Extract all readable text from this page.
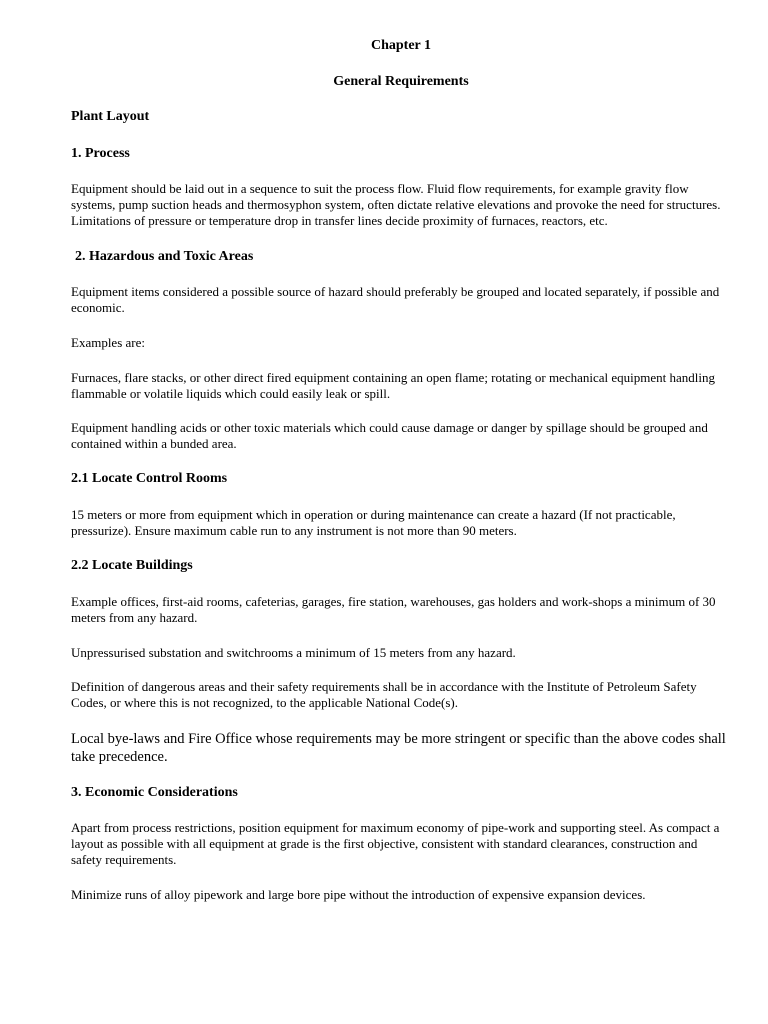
Chapter 1
General Requirements
Plant Layout
1. Process

Equipment should be laid out in a sequence to suit the process flow. Fluid flow requirements, for example gravity flow systems, pump suction heads and thermosyphon system, often dictate relative elevations and provoke the need for structures. Limitations of pressure or temperature drop in transfer lines decide proximity of furnaces, reactors, etc.

2. Hazardous and Toxic Areas

Equipment items considered a possible source of hazard should preferably be grouped and located separately, if possible and economic.

Examples are:

Furnaces, flare stacks, or other direct fired equipment containing an open flame; rotating or mechanical equipment handling flammable or volatile liquids which could easily leak or spill.

Equipment handling acids or other toxic materials which could cause damage or danger by spillage should be grouped and contained within a bunded area.

2.1 Locate Control Rooms

15 meters or more from equipment which in operation or during maintenance can create a hazard (If not practicable, pressurize). Ensure maximum cable run to any instrument is not more than 90 meters.

2.2 Locate Buildings

Example offices, first-aid rooms, cafeterias, garages, fire station, warehouses, gas holders and work-shops a minimum of 30 meters from any hazard.

Unpressurised substation and switchrooms a minimum of 15 meters from any hazard.

Definition of dangerous areas and their safety requirements shall be in accordance with the Institute of Petroleum Safety Codes, or where this is not recognized, to the applicable National Code(s).

Local bye-laws and Fire Office whose requirements may be more stringent or specific than the above codes shall take precedence.

3. Economic Considerations

Apart from process restrictions, position equipment for maximum economy of pipe-work and supporting steel. As compact a layout as possible with all equipment at grade is the first objective, consistent with standard clearances, construction and safety requirements.

Minimize runs of alloy pipework and large bore pipe without the introduction of expensive expansion devices.
